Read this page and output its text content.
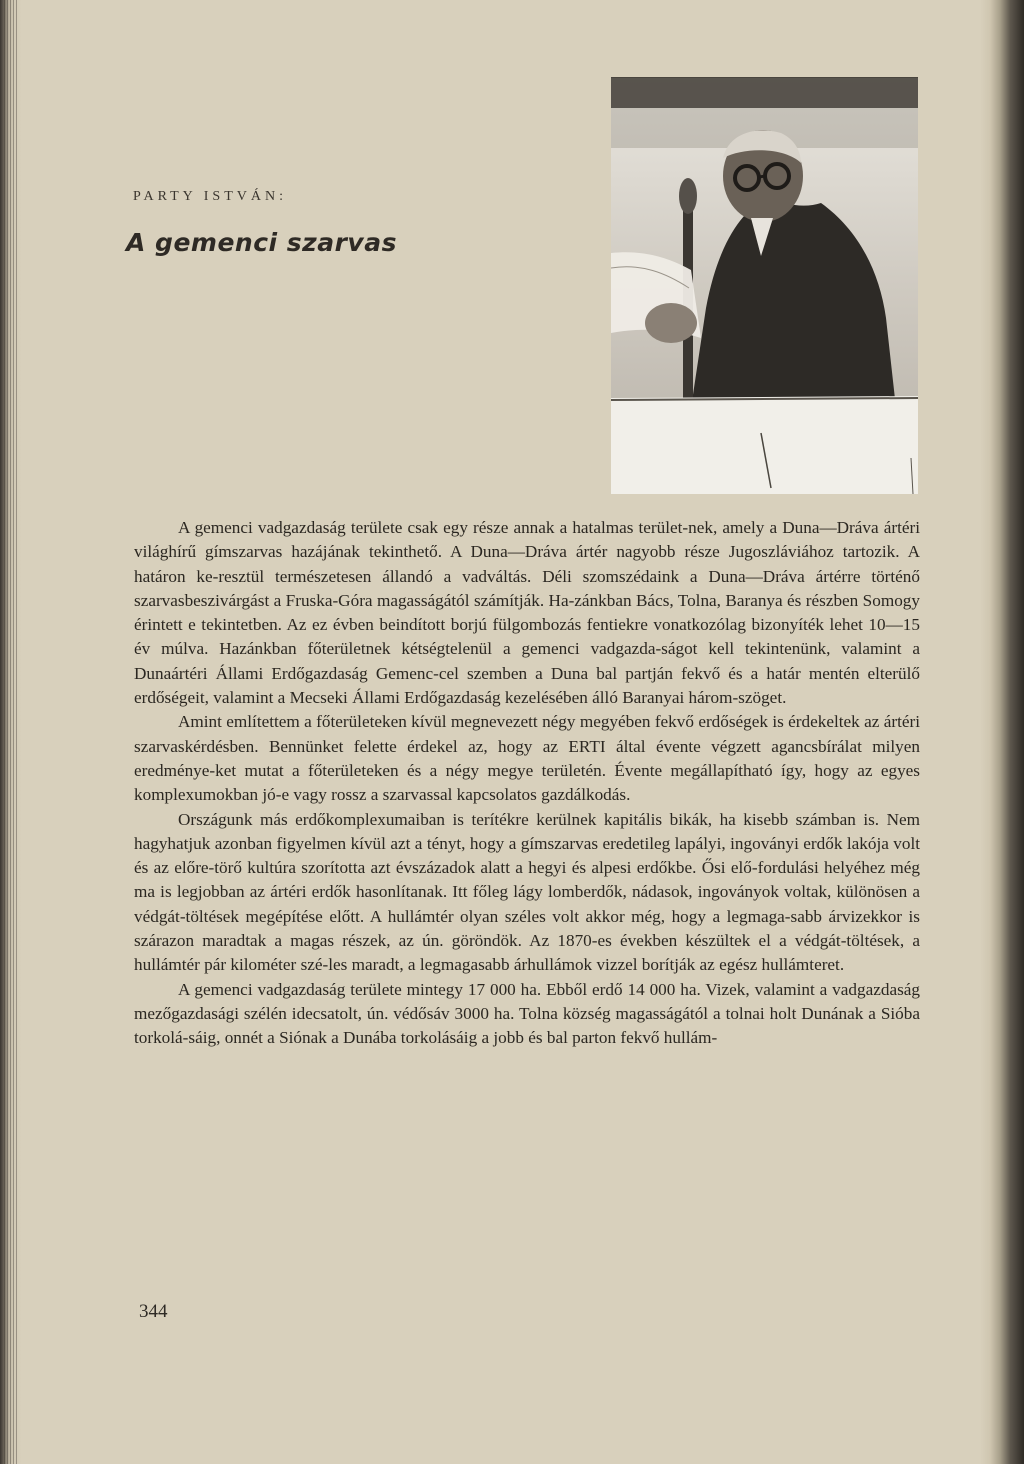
PARTY ISTVÁN:
A gemenci szarvas

A gemenci vadgazdaság területe csak egy része annak a hatalmas terület-nek, amely a Duna—Dráva ártéri világhírű gímszarvas hazájának tekinthető. A Duna—Dráva ártér nagyobb része Jugoszláviához tartozik. A határon ke-resztül természetesen állandó a vadváltás. Déli szomszédaink a Duna—Dráva ártérre történő szarvasbeszivárgást a Fruska-Góra magasságától számítják. Ha-zánkban Bács, Tolna, Baranya és részben Somogy érintett e tekintetben. Az ez évben beindított borjú fülgombozás fentiekre vonatkozólag bizonyíték lehet 10—15 év múlva. Hazánkban főterületnek kétségtelenül a gemenci vadgazda-ságot kell tekintenünk, valamint a Dunaártéri Állami Erdőgazdaság Gemenc-cel szemben a Duna bal partján fekvő és a határ mentén elterülő erdőségeit, valamint a Mecseki Állami Erdőgazdaság kezelésében álló Baranyai három-szöget.

Amint említettem a főterületeken kívül megnevezett négy megyében fekvő erdőségek is érdekeltek az ártéri szarvaskérdésben. Bennünket felette érdekel az, hogy az ERTI által évente végzett agancsbírálat milyen eredménye-ket mutat a főterületeken és a négy megye területén. Évente megállapítható így, hogy az egyes komplexumokban jó-e vagy rossz a szarvassal kapcsolatos gazdálkodás.

Országunk más erdőkomplexumaiban is terítékre kerülnek kapitális bikák, ha kisebb számban is. Nem hagyhatjuk azonban figyelmen kívül azt a tényt, hogy a gímszarvas eredetileg lapályi, ingoványi erdők lakója volt és az előre-törő kultúra szorította azt évszázadok alatt a hegyi és alpesi erdőkbe. Ősi elő-fordulási helyéhez még ma is legjobban az ártéri erdők hasonlítanak. Itt főleg lágy lomberdők, nádasok, ingoványok voltak, különösen a védgát-töltések megépítése előtt. A hullámtér olyan széles volt akkor még, hogy a legmaga-sabb árvizekkor is szárazon maradtak a magas részek, az ún. göröndök. Az 1870-es években készültek el a védgát-töltések, a hullámtér pár kilométer szé-les maradt, a legmagasabb árhullámok vizzel borítják az egész hullámteret.

A gemenci vadgazdaság területe mintegy 17 000 ha. Ebből erdő 14 000 ha. Vizek, valamint a vadgazdaság mezőgazdasági szélén idecsatolt, ún. védősáv 3000 ha. Tolna község magasságától a tolnai holt Dunának a Sióba torkolá-sáig, onnét a Siónak a Dunába torkolásáig a jobb és bal parton fekvő hullám-

344
